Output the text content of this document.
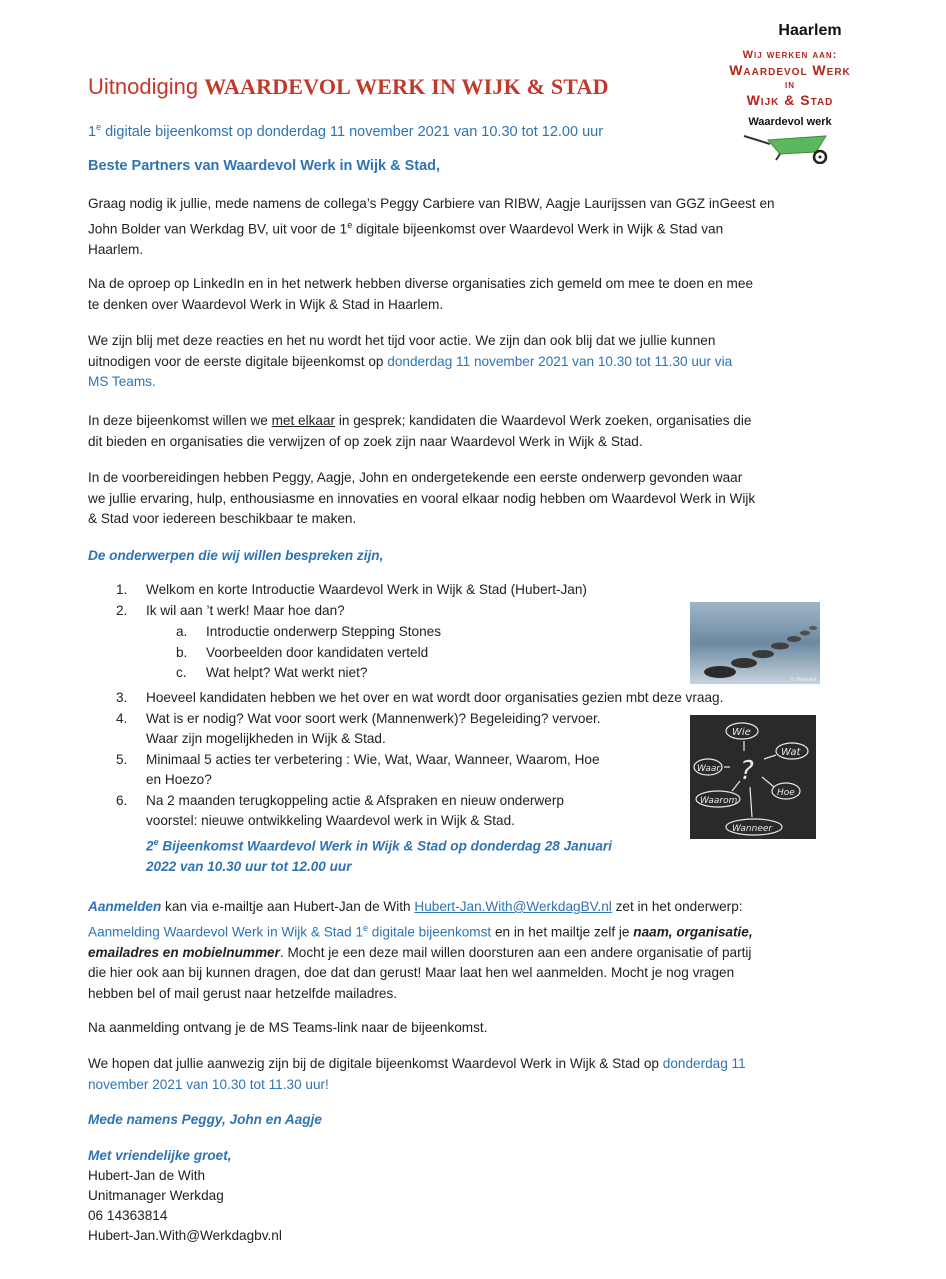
Haarlem
Wij werken aan:
Waardevol Werk
in
Wijk & Stad
Waardevol werk
Uitnodiging WAARDEVOL WERK IN WIJK & STAD
1e digitale bijeenkomst op donderdag 11 november 2021 van 10.30 tot 12.00 uur
Beste Partners van Waardevol Werk in Wijk & Stad,
Graag nodig ik jullie, mede namens de collega’s Peggy Carbiere van RIBW, Aagje Laurijssen van GGZ inGeest en
John Bolder van Werkdag BV, uit voor de 1e digitale bijeenkomst over Waardevol Werk in Wijk & Stad van
Haarlem.
Na de oproep op LinkedIn en in het netwerk hebben diverse organisaties zich gemeld om mee te doen en mee
te denken over Waardevol Werk in Wijk & Stad in Haarlem.
We zijn blij met deze reacties en het nu wordt het tijd voor actie. We zijn dan ook blij dat we jullie kunnen
uitnodigen voor de eerste digitale bijeenkomst op donderdag 11 november 2021 van 10.30 tot 11.30 uur via
MS Teams.
In deze bijeenkomst willen we met elkaar in gesprek; kandidaten die Waardevol Werk zoeken, organisaties die
dit bieden en organisaties die verwijzen of op zoek zijn naar Waardevol Werk in Wijk & Stad.
In de voorbereidingen hebben Peggy, Aagje, John en ondergetekende een eerste onderwerp gevonden waar
we jullie ervaring, hulp, enthousiasme en innovaties en vooral elkaar nodig hebben om Waardevol Werk in Wijk
& Stad voor iedereen beschikbaar te maken.
De onderwerpen die wij willen bespreken zijn,
1.	Welkom en korte Introductie Waardevol Werk in Wijk & Stad (Hubert-Jan)
2.	Ik wil aan ’t werk! Maar hoe dan?
a.	Introductie onderwerp Stepping Stones
b.	Voorbeelden door kandidaten verteld
c.	Wat helpt? Wat werkt niet?
3.	Hoeveel kandidaten hebben we het over en wat wordt door organisaties gezien mbt deze vraag.
4.	Wat is er nodig? Wat voor soort werk (Mannenwerk)? Begeleiding? vervoer.
Waar zijn mogelijkheden in Wijk & Stad.
5.	Minimaal 5 acties ter verbetering : Wie, Wat, Waar, Wanneer, Waarom, Hoe
en Hoezo?
6.	Na 2 maanden terugkoppeling actie & Afspraken en nieuw onderwerp
voorstel: nieuwe ontwikkeling Waardevol werk in Wijk & Stad.
2e Bijeenkomst Waardevol Werk in Wijk & Stad op donderdag 28 Januari
2022 van 10.30 uur tot 12.00 uur
© Bernard
Wie
Wat
Waar
Hoe
Waarom
Wanneer
?
Aanmelden kan via e-mailtje aan Hubert-Jan de With Hubert-Jan.With@WerkdagBV.nl zet in het onderwerp:
Aanmelding Waardevol Werk in Wijk & Stad 1e digitale bijeenkomst en in het mailtje zelf je naam, organisatie,
emailadres en mobielnummer. Mocht je een deze mail willen doorsturen aan een andere organisatie of partij
die hier ook aan bij kunnen dragen, doe dat dan gerust! Maar laat hen wel aanmelden. Mocht je nog vragen
hebben bel of mail gerust naar hetzelfde mailadres.
Na aanmelding ontvang je de MS Teams-link naar de bijeenkomst.
We hopen dat jullie aanwezig zijn bij de digitale bijeenkomst Waardevol Werk in Wijk & Stad op donderdag 11
november 2021 van 10.30 tot 11.30 uur!
Mede namens Peggy, John en Aagje
Met vriendelijke groet,
Hubert-Jan de With
Unitmanager Werkdag
06 14363814
Hubert-Jan.With@Werkdagbv.nl
